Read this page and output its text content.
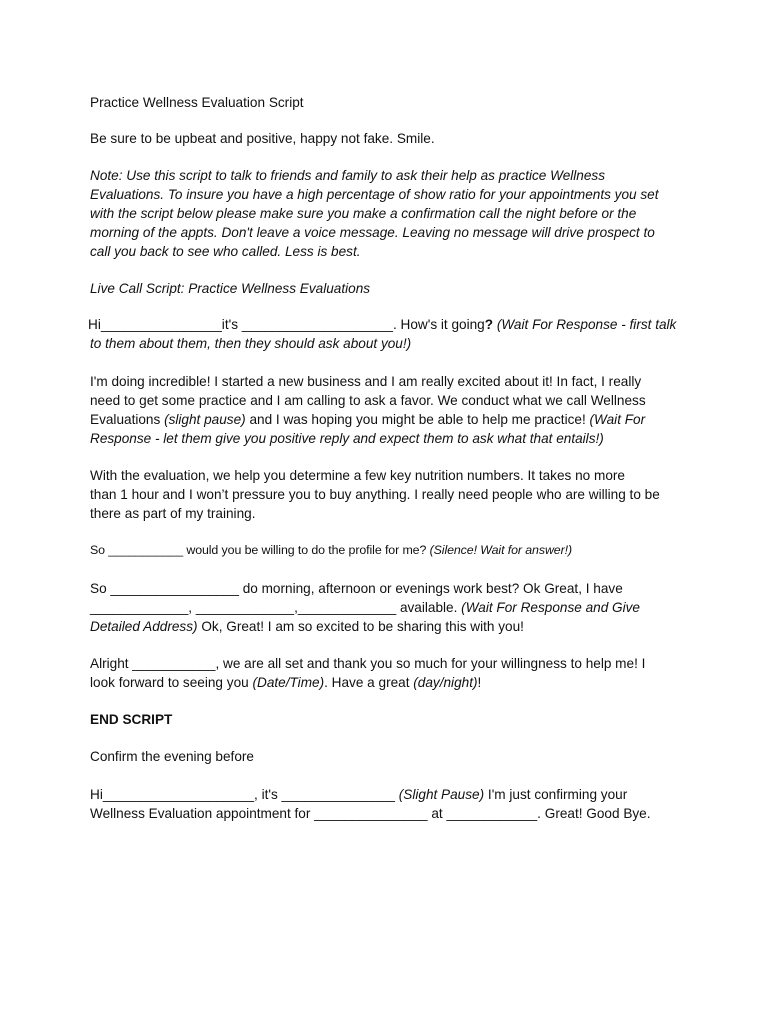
Practice Wellness Evaluation Script
Be sure to be upbeat and positive, happy not fake. Smile.
Note: Use this script to talk to friends and family to ask their help as practice Wellness
Evaluations. To insure you have a high percentage of show ratio for your appointments you set
with the script below please make sure you make a confirmation call the night before or the
morning of the appts. Don't leave a voice message. Leaving no message will drive prospect to
call you back to see who called. Less is best.
Live Call Script: Practice Wellness Evaluations
Hi________________it's ____________________. How's it going? (Wait For Response - first talk
to them about them, then they should ask about you!)
I'm doing incredible! I started a new business and I am really excited about it! In fact, I really
need to get some practice and I am calling to ask a favor. We conduct what we call Wellness
Evaluations (slight pause) and I was hoping you might be able to help me practice! (Wait For
Response - let them give you positive reply and expect them to ask what that entails!)
With the evaluation, we help you determine a few key nutrition numbers. It takes no more
than 1 hour and I won’t pressure you to buy anything. I really need people who are willing to be
there as part of my training.
So ___________ would you be willing to do the profile for me? (Silence! Wait for answer!)
So _________________ do morning, afternoon or evenings work best? Ok Great, I have
_____________, _____________,_____________ available. (Wait For Response and Give
Detailed Address) Ok, Great! I am so excited to be sharing this with you!
Alright ___________, we are all set and thank you so much for your willingness to help me! I
look forward to seeing you (Date/Time). Have a great (day/night)!
END SCRIPT
Confirm the evening before
Hi____________________, it's _______________ (Slight Pause) I'm just confirming your
Wellness Evaluation appointment for _______________ at ____________. Great! Good Bye.
